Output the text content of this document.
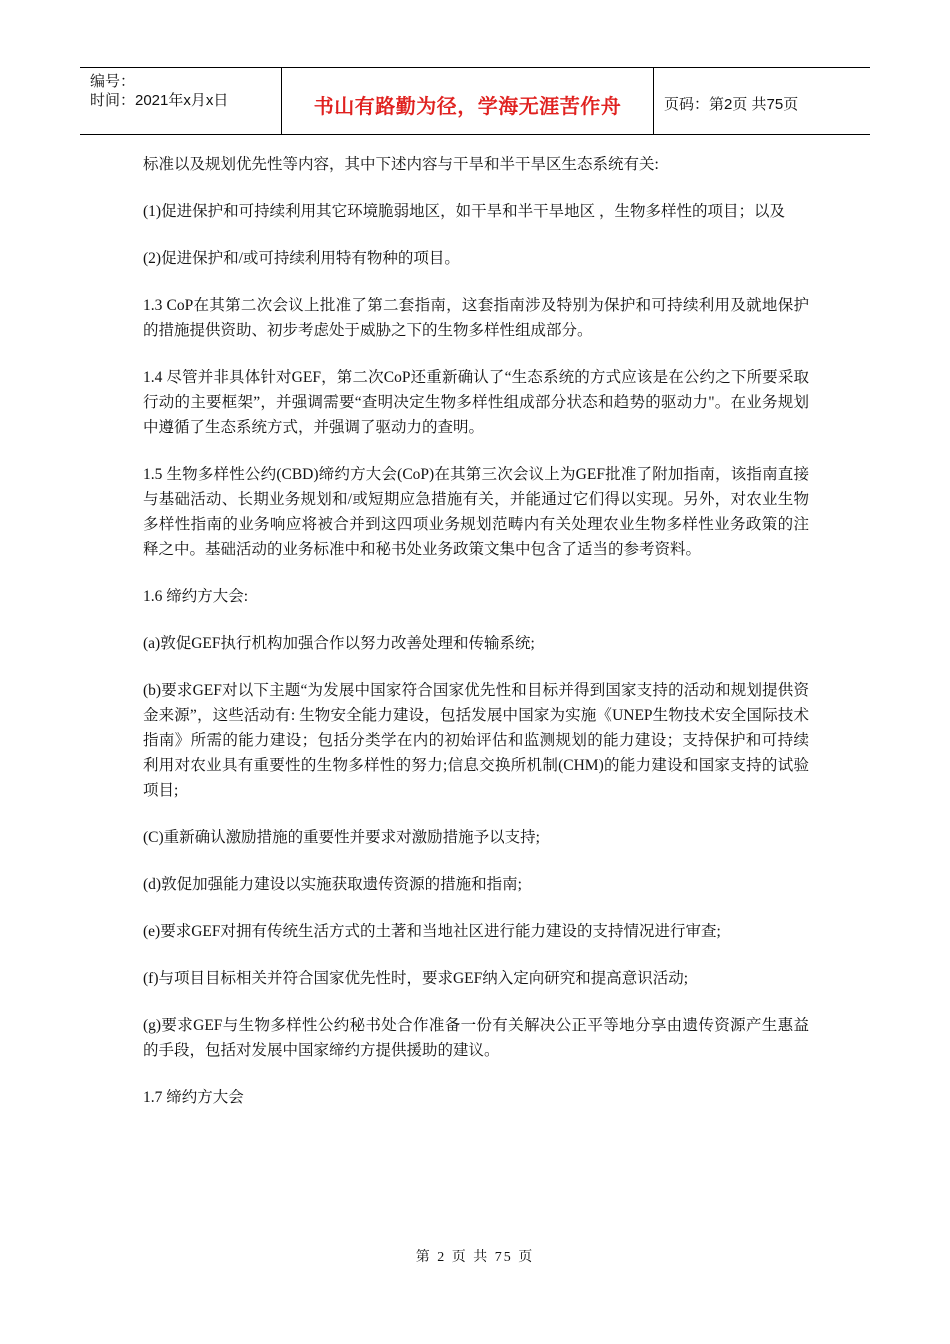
编号：
时间：2021年x月x日	书山有路勤为径，学海无涯苦作舟	页码：第2页 共75页

标准以及规划优先性等内容，其中下述内容与干旱和半干旱区生态系统有关:

(1)促进保护和可持续利用其它环境脆弱地区，如干旱和半干旱地区 ，生物多样性的项目；以及

(2)促进保护和/或可持续利用特有物种的项目。

1.3 CoP在其第二次会议上批准了第二套指南，这套指南涉及特别为保护和可持续利用及就地保护的措施提供资助、初步考虑处于威胁之下的生物多样性组成部分。

1.4 尽管并非具体针对GEF，第二次CoP还重新确认了“生态系统的方式应该是在公约之下所要采取行动的主要框架”，并强调需要“查明决定生物多样性组成部分状态和趋势的驱动力"。在业务规划中遵循了生态系统方式，并强调了驱动力的查明。

1.5 生物多样性公约(CBD)缔约方大会(CoP)在其第三次会议上为GEF批准了附加指南，该指南直接与基础活动、长期业务规划和/或短期应急措施有关，并能通过它们得以实现。另外，对农业生物多样性指南的业务响应将被合并到这四项业务规划范畴内有关处理农业生物多样性业务政策的注释之中。基础活动的业务标准中和秘书处业务政策文集中包含了适当的参考资料。

1.6 缔约方大会:

(a)敦促GEF执行机构加强合作以努力改善处理和传输系统;

(b)要求GEF对以下主题“为发展中国家符合国家优先性和目标并得到国家支持的活动和规划提供资金来源”，这些活动有: 生物安全能力建设，包括发展中国家为实施《UNEP生物技术安全国际技术指南》所需的能力建设；包括分类学在内的初始评估和监测规划的能力建设；支持保护和可持续利用对农业具有重要性的生物多样性的努力;信息交换所机制(CHM)的能力建设和国家支持的试验项目;

(C)重新确认激励措施的重要性并要求对激励措施予以支持;

(d)敦促加强能力建设以实施获取遗传资源的措施和指南;

(e)要求GEF对拥有传统生活方式的土著和当地社区进行能力建设的支持情况进行审查;

(f)与项目目标相关并符合国家优先性时，要求GEF纳入定向研究和提高意识活动;

(g)要求GEF与生物多样性公约秘书处合作准备一份有关解决公正平等地分享由遗传资源产生惠益的手段，包括对发展中国家缔约方提供援助的建议。

1.7 缔约方大会

第 2 页 共 75 页
